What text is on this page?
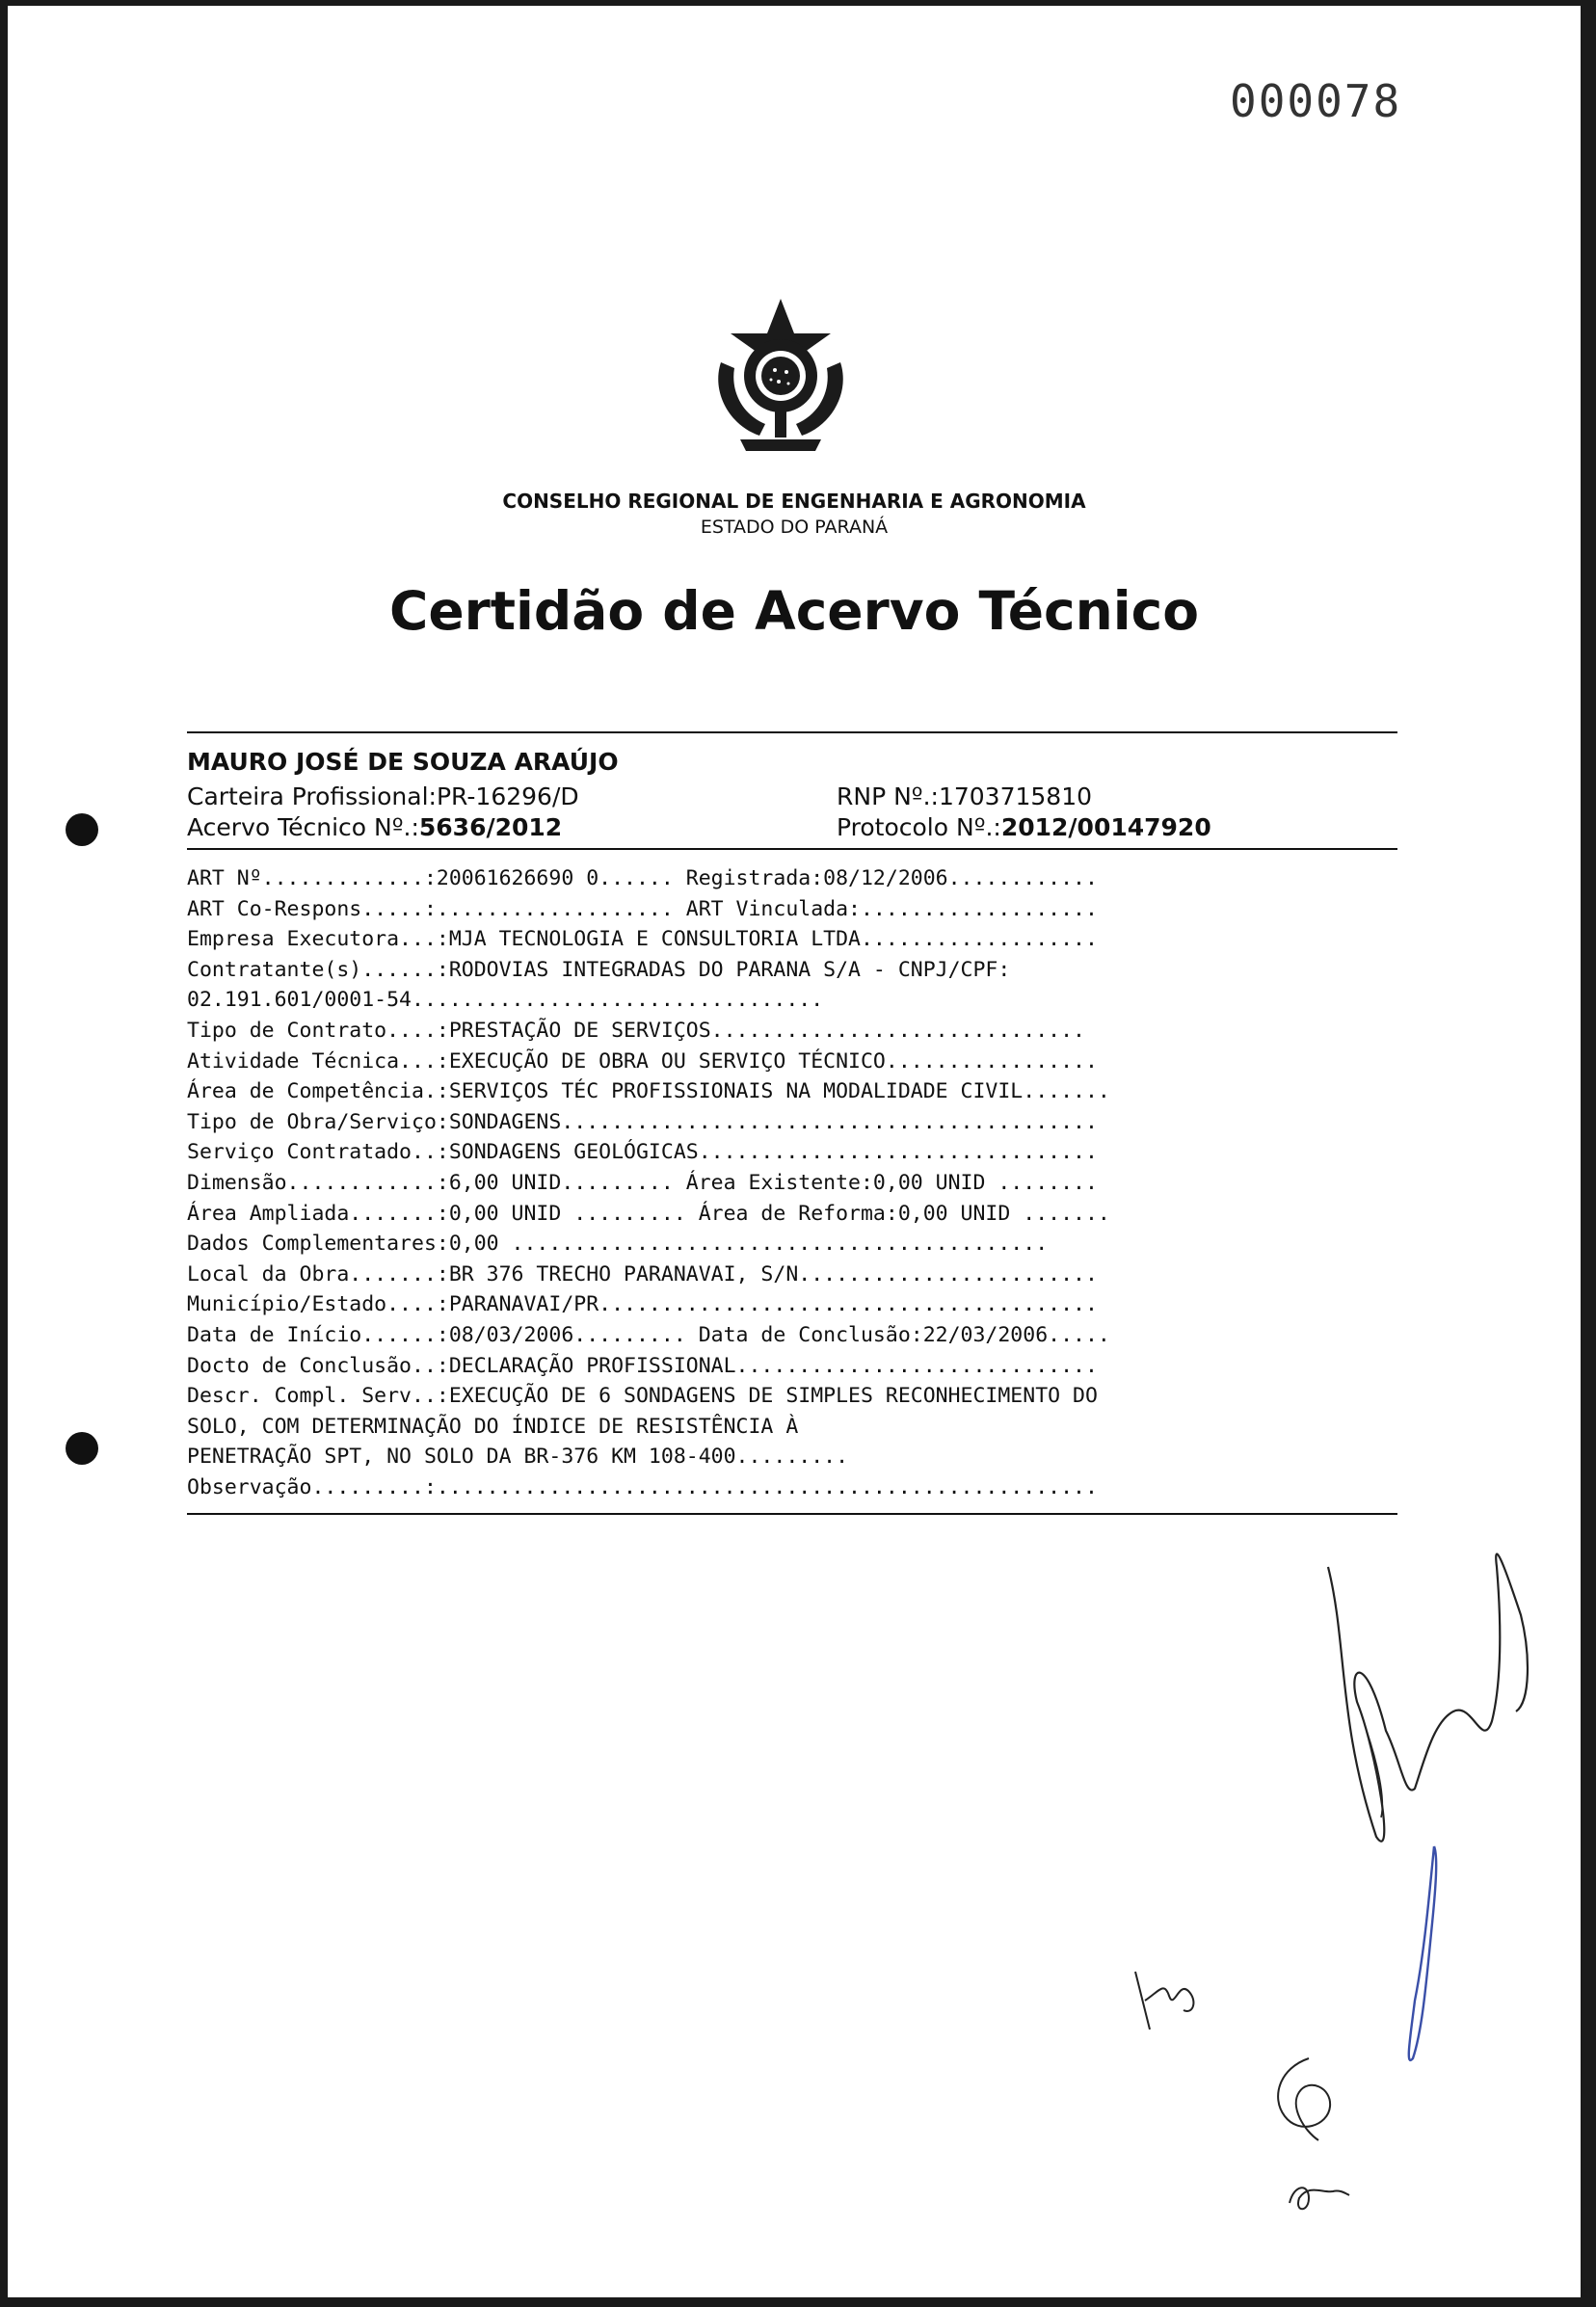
000078
CONSELHO REGIONAL DE ENGENHARIA E AGRONOMIA
ESTADO DO PARANÁ
Certidão de Acervo Técnico
MAURO JOSÉ DE SOUZA ARAÚJO
Carteira Profissional:PR-16296/D
Acervo Técnico Nº.:5636/2012
RNP Nº.:1703715810
Protocolo Nº.:2012/00147920
ART Nº.............:20061626690 0...... Registrada:08/12/2006............
ART Co-Respons.....:................... ART Vinculada:...................
Empresa Executora...:MJA TECNOLOGIA E CONSULTORIA LTDA...................
Contratante(s)......:RODOVIAS INTEGRADAS DO PARANA S/A - CNPJ/CPF:
02.191.601/0001-54.................................
Tipo de Contrato....:PRESTAÇÃO DE SERVIÇOS..............................
Atividade Técnica...:EXECUÇÃO DE OBRA OU SERVIÇO TÉCNICO.................
Área de Competência.:SERVIÇOS TÉC PROFISSIONAIS NA MODALIDADE CIVIL.......
Tipo de Obra/Serviço:SONDAGENS...........................................
Serviço Contratado..:SONDAGENS GEOLÓGICAS................................
Dimensão............:6,00 UNID......... Área Existente:0,00 UNID ........
Área Ampliada.......:0,00 UNID ......... Área de Reforma:0,00 UNID .......
Dados Complementares:0,00 ...........................................
Local da Obra.......:BR 376 TRECHO PARANAVAI, S/N........................
Município/Estado....:PARANAVAI/PR........................................
Data de Início......:08/03/2006......... Data de Conclusão:22/03/2006.....
Docto de Conclusão..:DECLARAÇÃO PROFISSIONAL.............................
Descr. Compl. Serv..:EXECUÇÃO DE 6 SONDAGENS DE SIMPLES RECONHECIMENTO DO
SOLO, COM DETERMINAÇÃO DO ÍNDICE DE RESISTÊNCIA À
PENETRAÇÃO SPT, NO SOLO DA BR-376 KM 108-400.........
Observação.........:.....................................................
